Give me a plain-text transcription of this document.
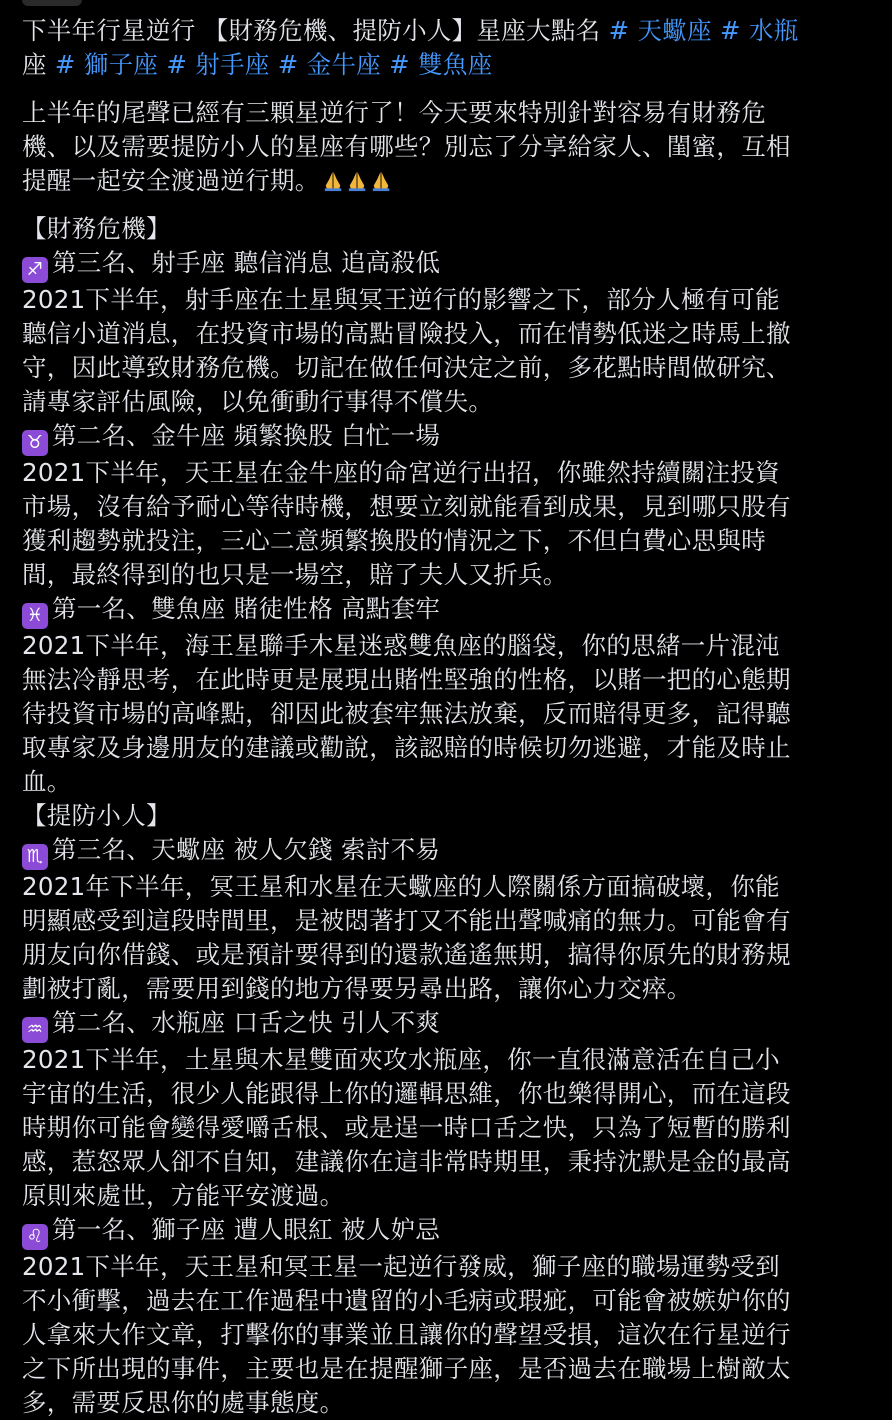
下半年行星逆行 【財務危機、提防小人】星座大點名 # 天蠍座 # 水瓶
座 # 獅子座 # 射手座 # 金牛座 # 雙魚座
上半年的尾聲已經有三顆星逆行了！今天要來特別針對容易有財務危
機、以及需要提防小人的星座有哪些？別忘了分享給家人、閨蜜，互相
提醒一起安全渡過逆行期。
【財務危機】
♐ 第三名、射手座 聽信消息 追高殺低
2021下半年，射手座在土星與冥王逆行的影響之下，部分人極有可能
聽信小道消息，在投資市場的高點冒險投入，而在情勢低迷之時馬上撤
守，因此導致財務危機。切記在做任何決定之前，多花點時間做研究、
請專家評估風險，以免衝動行事得不償失。
♉ 第二名、金牛座 頻繁換股 白忙一場
2021下半年，天王星在金牛座的命宮逆行出招，你雖然持續關注投資
市場，沒有給予耐心等待時機，想要立刻就能看到成果，見到哪只股有
獲利趨勢就投注，三心二意頻繁換股的情況之下，不但白費心思與時
間，最終得到的也只是一場空，賠了夫人又折兵。
♓ 第一名、雙魚座 賭徒性格 高點套牢
2021下半年，海王星聯手木星迷惑雙魚座的腦袋，你的思緒一片混沌
無法冷靜思考，在此時更是展現出賭性堅強的性格，以賭一把的心態期
待投資市場的高峰點，卻因此被套牢無法放棄，反而賠得更多，記得聽
取專家及身邊朋友的建議或勸說，該認賠的時候切勿逃避，才能及時止
血。
【提防小人】
♏ 第三名、天蠍座 被人欠錢 索討不易
2021年下半年，冥王星和水星在天蠍座的人際關係方面搞破壞，你能
明顯感受到這段時間里，是被悶著打又不能出聲喊痛的無力。可能會有
朋友向你借錢、或是預計要得到的還款遙遙無期，搞得你原先的財務規
劃被打亂，需要用到錢的地方得要另尋出路，讓你心力交瘁。
♒ 第二名、水瓶座 口舌之快 引人不爽
2021下半年，土星與木星雙面夾攻水瓶座，你一直很滿意活在自己小
宇宙的生活，很少人能跟得上你的邏輯思維，你也樂得開心，而在這段
時期你可能會變得愛嚼舌根、或是逞一時口舌之快，只為了短暫的勝利
感，惹怒眾人卻不自知，建議你在這非常時期里，秉持沈默是金的最高
原則來處世，方能平安渡過。
♌ 第一名、獅子座 遭人眼紅 被人妒忌
2021下半年，天王星和冥王星一起逆行發威，獅子座的職場運勢受到
不小衝擊，過去在工作過程中遺留的小毛病或瑕疵，可能會被嫉妒你的
人拿來大作文章，打擊你的事業並且讓你的聲望受損，這次在行星逆行
之下所出現的事件，主要也是在提醒獅子座，是否過去在職場上樹敵太
多，需要反思你的處事態度。
